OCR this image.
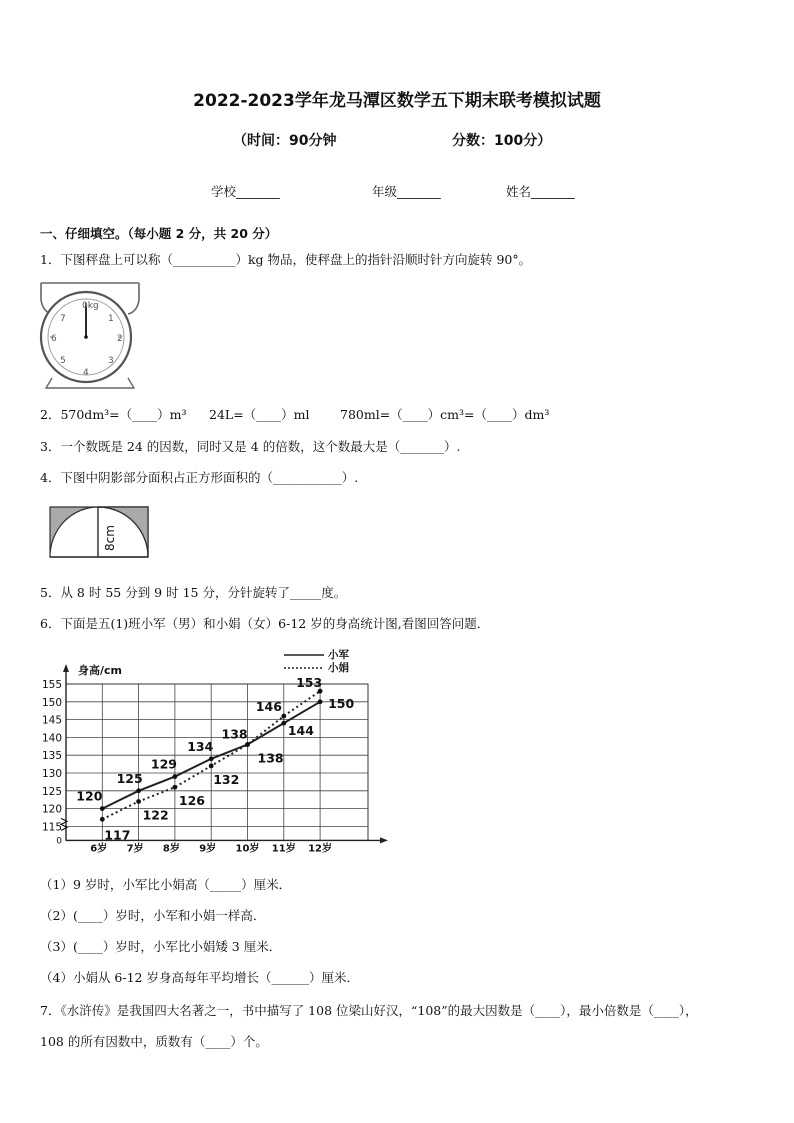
2022-2023学年龙马潭区数学五下期末联考模拟试题
（时间：90分钟	分数：100分）
学校_______	年级_______	姓名_______
一、仔细填空。（每小题 2 分，共 20 分）
1．下图秤盘上可以称（__________）kg 物品，使秤盘上的指针沿顺时针方向旋转 90°。
0kg
7	1
6	2
5	3
4
2．570dm³=（____）m³ 24L=（____）ml 780ml=（____）cm³=（____）dm³
3．一个数既是 24 的因数，同时又是 4 的倍数，这个数最大是（_______）.
4．下图中阴影部分面积占正方形面积的（___________）.
8cm
5．从 8 时 55 分到 9 时 15 分，分针旋转了_____度。
6．下面是五(1)班小军（男）和小娟（女）6-12 岁的身高统计图,看图回答问题．
身高/cm
155
150
145
140
135
130
125
120
115
0
6岁 7岁 8岁 9岁 10岁 11岁 12岁
120
125
129
134
138	144
150
117
122
126
132
138
146
153
小军
小娟
（1）9 岁时，小军比小娟高（_____）厘米．
（2）(____）岁时，小军和小娟一样高．
（3）(____）岁时，小军比小娟矮 3 厘米．
（4）小娟从 6-12 岁身高每年平均增长（______）厘米．
7．《水浒传》是我国四大名著之一，书中描写了 108 位梁山好汉，“108”的最大因数是（____），最小倍数是（____），
108 的所有因数中，质数有（____）个。
